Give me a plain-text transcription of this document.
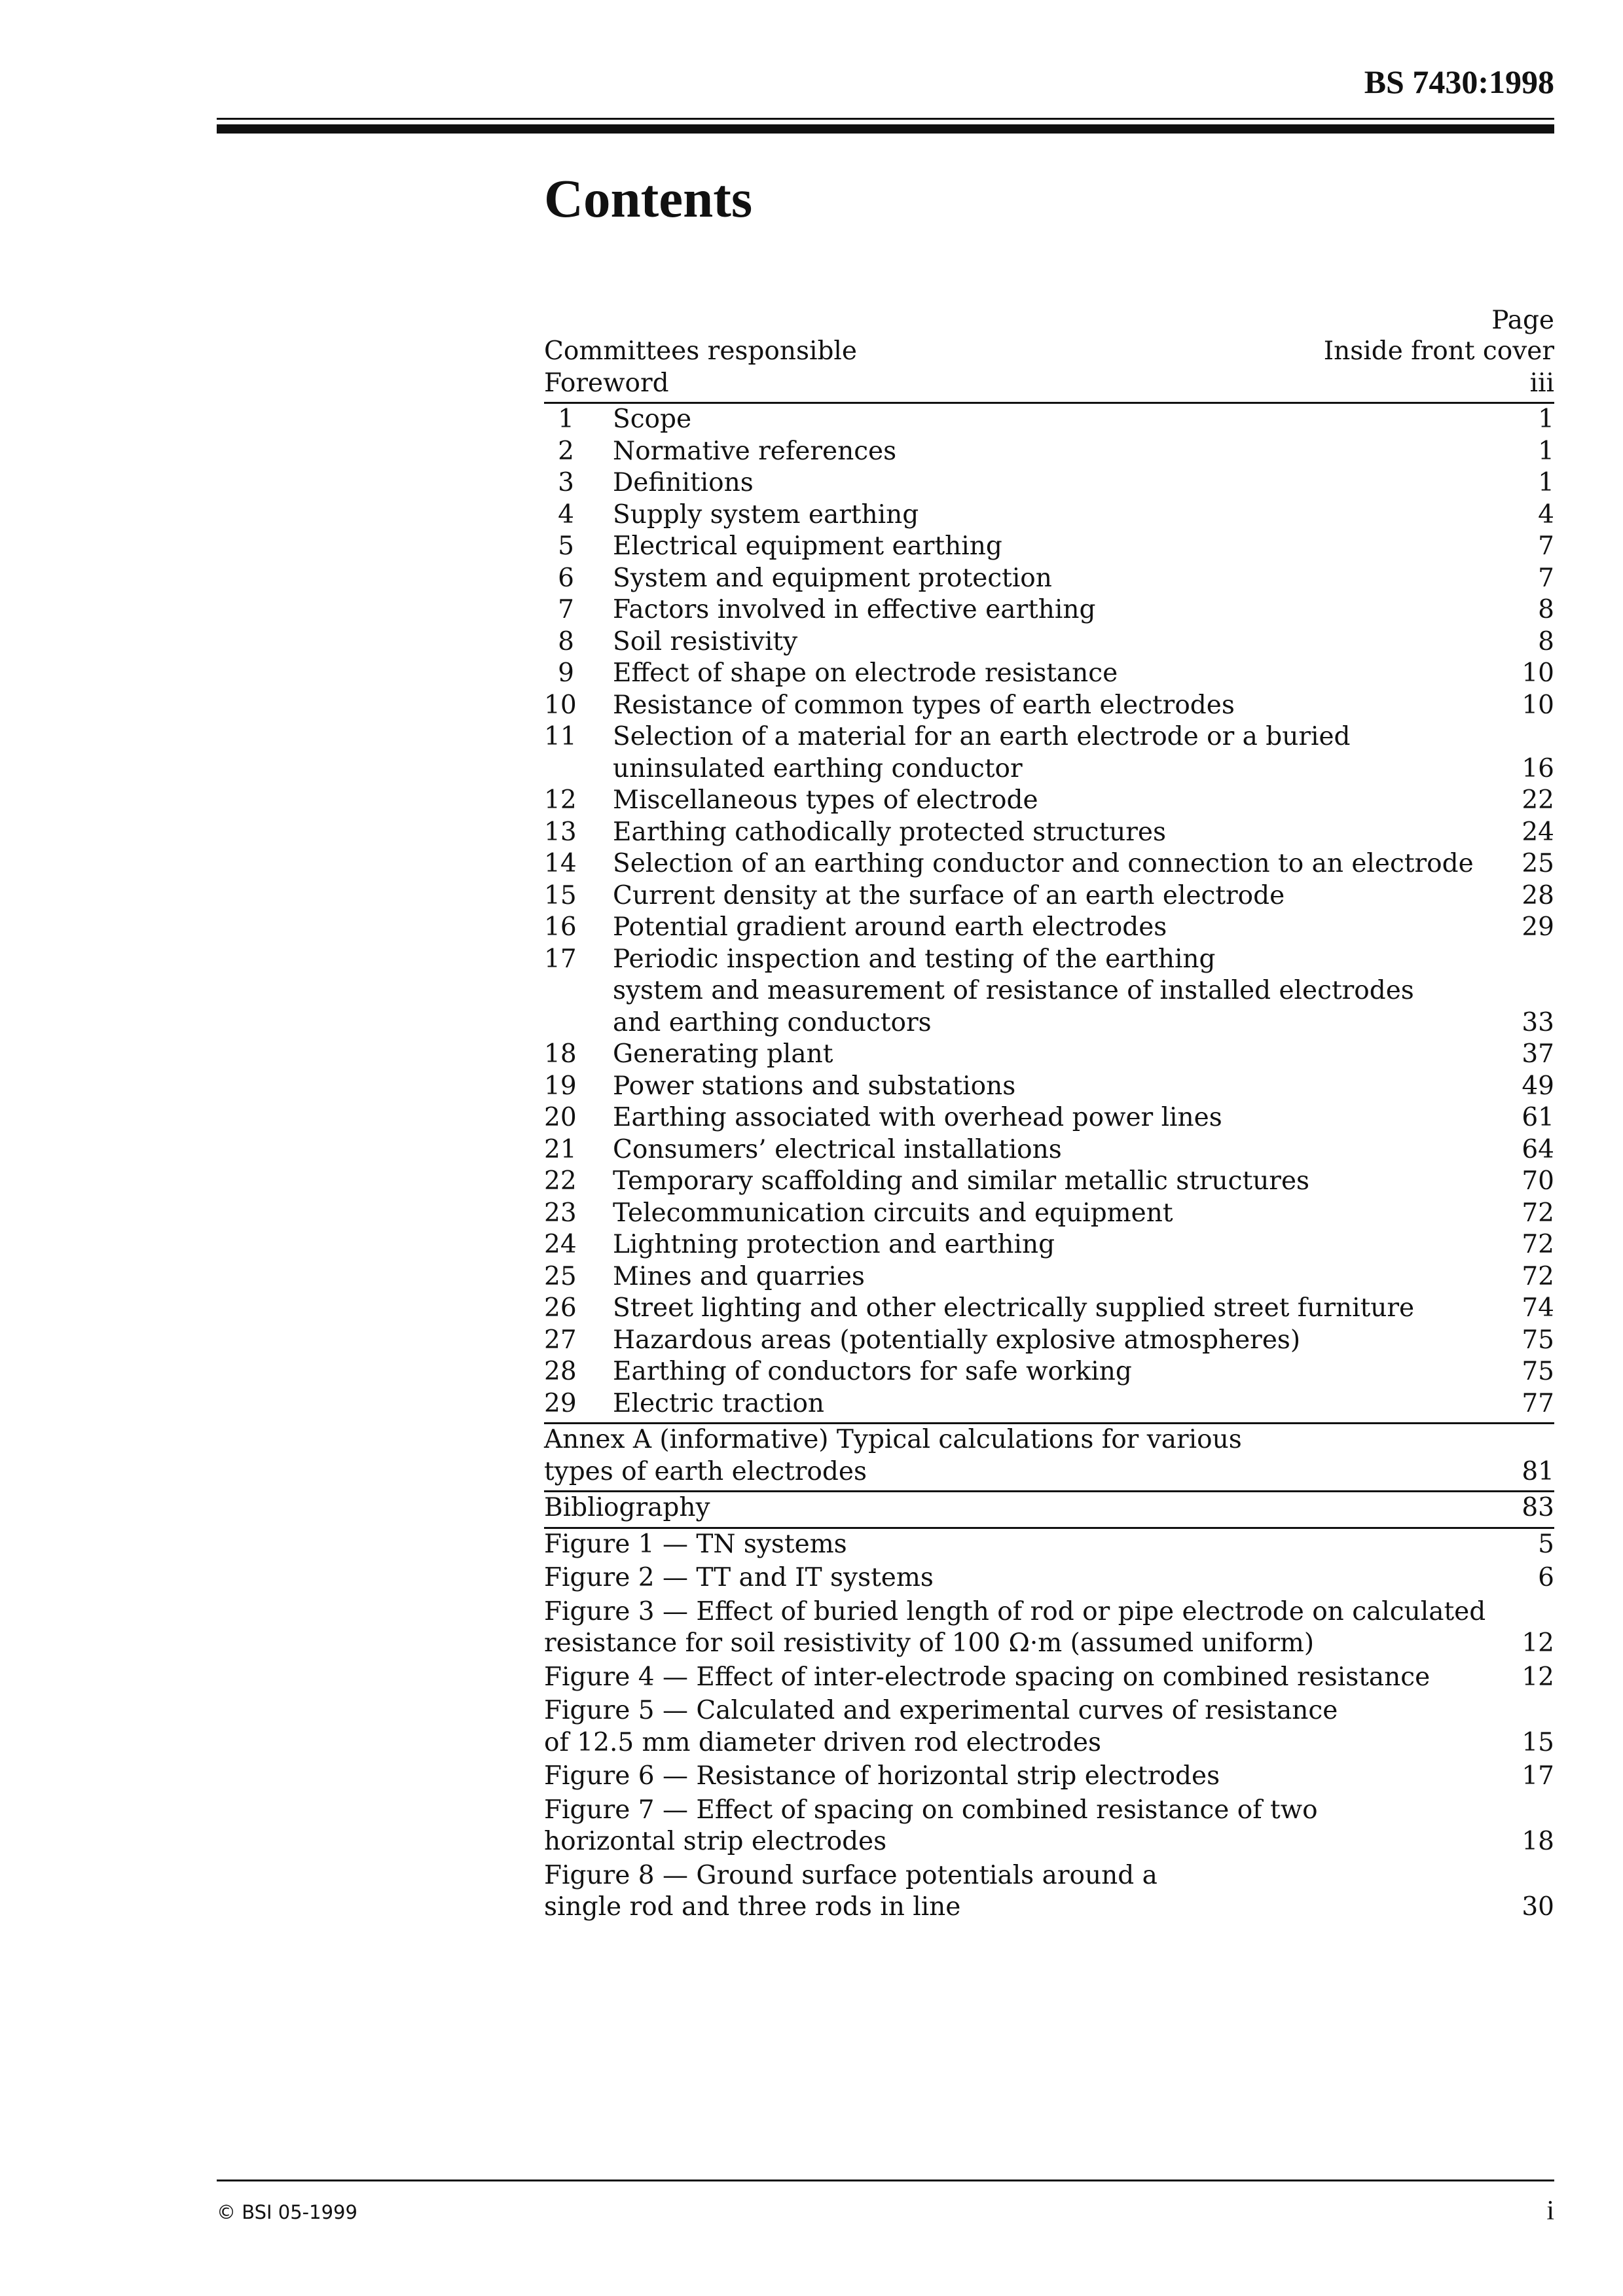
BS 7430:1998
Contents
Page
Committees responsible	Inside front cover
Foreword	iii
1 Scope	1
2 Normative references	1
3 Definitions	1
4 Supply system earthing	4
5 Electrical equipment earthing	7
6 System and equipment protection	7
7 Factors involved in effective earthing	8
8 Soil resistivity	8
9 Effect of shape on electrode resistance	10
10 Resistance of common types of earth electrodes	10
11 Selection of a material for an earth electrode or a buried
uninsulated earthing conductor	16
12 Miscellaneous types of electrode	22
13 Earthing cathodically protected structures	24
14 Selection of an earthing conductor and connection to an electrode 25
15 Current density at the surface of an earth electrode	28
16 Potential gradient around earth electrodes	29
17 Periodic inspection and testing of the earthing
system and measurement of resistance of installed electrodes
and earthing conductors	33
18 Generating plant	37
19 Power stations and substations	49
20 Earthing associated with overhead power lines	61
21 Consumers’ electrical installations	64
22 Temporary scaffolding and similar metallic structures	70
23 Telecommunication circuits and equipment	72
24 Lightning protection and earthing	72
25 Mines and quarries	72
26 Street lighting and other electrically supplied street furniture	74
27 Hazardous areas (potentially explosive atmospheres)	75
28 Earthing of conductors for safe working	75
29 Electric traction	77
Annex A (informative) Typical calculations for various
types of earth electrodes	81
Bibliography	83
Figure 1 — TN systems	5
Figure 2 — TT and IT systems	6
Figure 3 — Effect of buried length of rod or pipe electrode on calculated
resistance for soil resistivity of 100 Ω·m (assumed uniform)	12
Figure 4 — Effect of inter-electrode spacing on combined resistance	12
Figure 5 — Calculated and experimental curves of resistance
of 12.5 mm diameter driven rod electrodes	15
Figure 6 — Resistance of horizontal strip electrodes	17
Figure 7 — Effect of spacing on combined resistance of two
horizontal strip electrodes	18
Figure 8 — Ground surface potentials around a
single rod and three rods in line	30
© BSI 05-1999	i
